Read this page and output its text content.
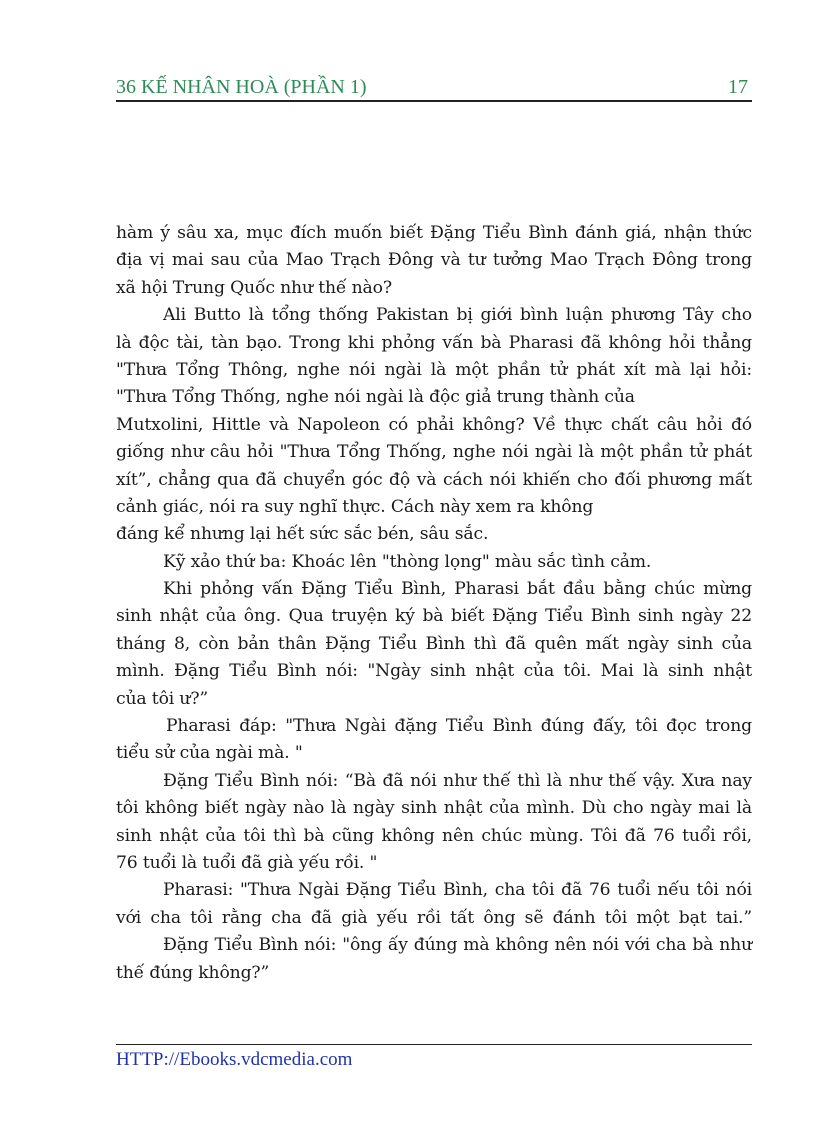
36 KẾ NHÂN HOÀ (PHẦN 1)	17
hàm ý sâu xa, mục đích muốn biết Đặng Tiểu Bình đánh giá, nhận thức
địa vị mai sau của Mao Trạch Đông và tư tưởng Mao Trạch Đông trong
xã hội Trung Quốc như thế nào?
Ali Butto là tổng thống Pakistan bị giới bình luận phương Tây cho
là độc tài, tàn bạo. Trong khi phỏng vấn bà Pharasi đã không hỏi thẳng
"Thưa Tổng Thông, nghe nói ngài là một phần tử phát xít mà lại hỏi:
"Thưa Tổng Thống, nghe nói ngài là độc giả trung thành của
Mutxolini, Hittle và Napoleon có phải không? Về thực chất câu hỏi đó
giống như câu hỏi "Thưa Tổng Thống, nghe nói ngài là một phần tử phát
xít”, chẳng qua đã chuyển góc độ và cách nói khiến cho đối phương mất
cảnh giác, nói ra suy nghĩ thực. Cách này xem ra không
đáng kể nhưng lại hết sức sắc bén, sâu sắc.
Kỹ xảo thứ ba: Khoác lên "thòng lọng" màu sắc tình cảm.
Khi phỏng vấn Đặng Tiểu Bình, Pharasi bắt đầu bằng chúc mừng
sinh nhật của ông. Qua truyện ký bà biết Đặng Tiểu Bình sinh ngày 22
tháng 8, còn bản thân Đặng Tiểu Bình thì đã quên mất ngày sinh của
mình. Đặng Tiểu Bình nói: "Ngày sinh nhật của tôi. Mai là sinh nhật
của tôi ư?”
Pharasi đáp: "Thưa Ngài đặng Tiểu Bình đúng đấy, tôi đọc trong
tiểu sử của ngài mà. "
Đặng Tiểu Bình nói: “Bà đã nói như thế thì là như thế vậy. Xưa nay
tôi không biết ngày nào là ngày sinh nhật của mình. Dù cho ngày mai là
sinh nhật của tôi thì bà cũng không nên chúc mùng. Tôi đã 76 tuổi rồi,
76 tuổi là tuổi đã già yếu rồi. "
Pharasi: "Thưa Ngài Đặng Tiểu Bình, cha tôi đã 76 tuổi nếu tôi nói
với cha tôi rằng cha đã già yếu rồi tất ông sẽ đánh tôi một bạt tai.”
Đặng Tiểu Bình nói: "ông ấy đúng mà không nên nói với cha bà như
thế đúng không?”
HTTP://Ebooks.vdcmedia.com
